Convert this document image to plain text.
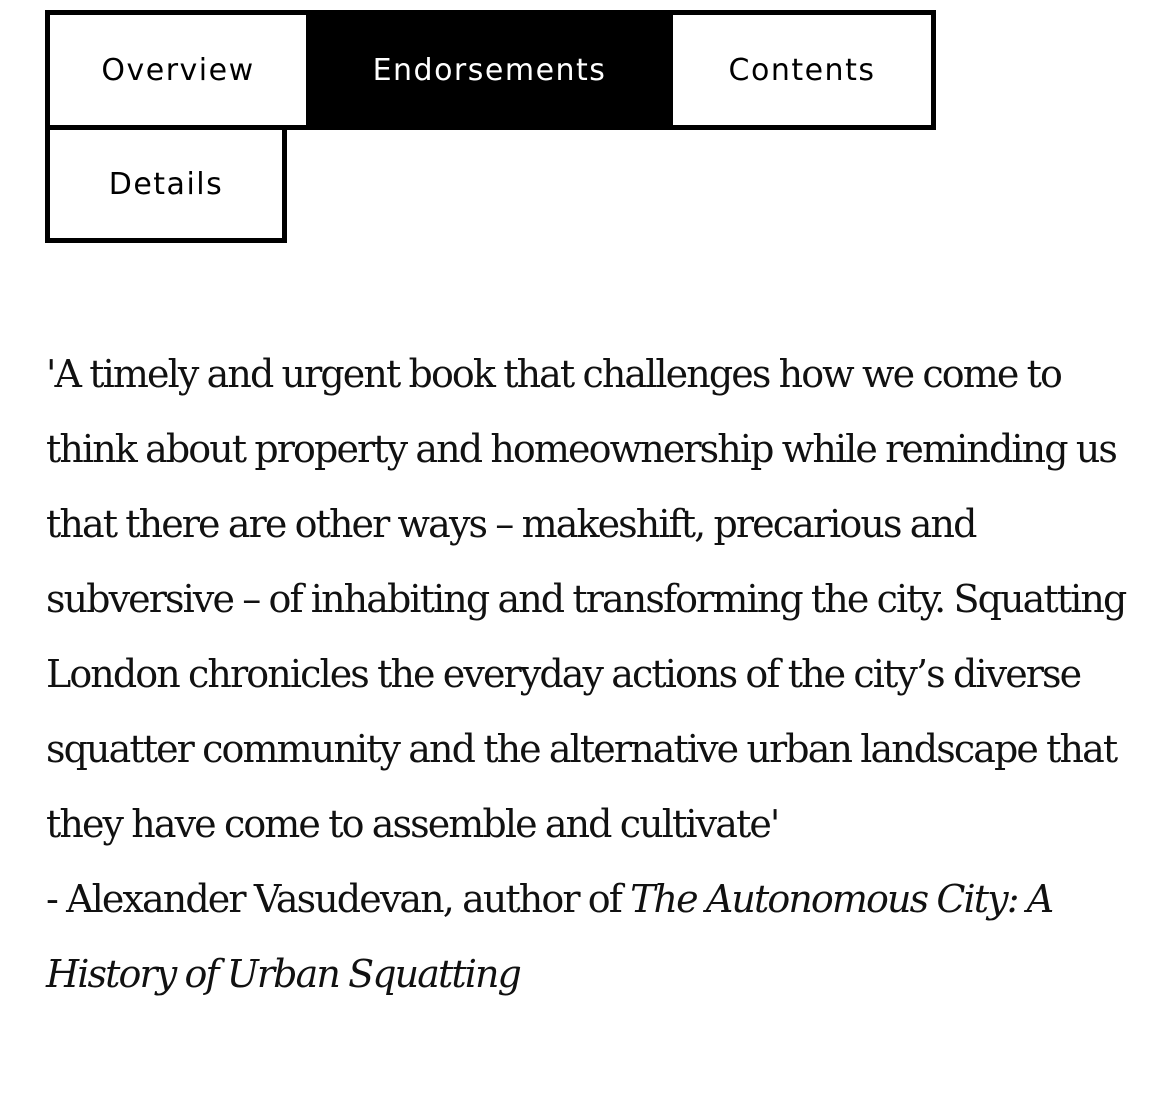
Overview	Endorsements	Contents
Details

'A timely and urgent book that challenges how we come to think about property and homeownership while reminding us that there are other ways – makeshift, precarious and subversive – of inhabiting and transforming the city. Squatting London chronicles the everyday actions of the city’s diverse squatter community and the alternative urban landscape that they have come to assemble and cultivate'

- Alexander Vasudevan, author of The Autonomous City: A History of Urban Squatting
